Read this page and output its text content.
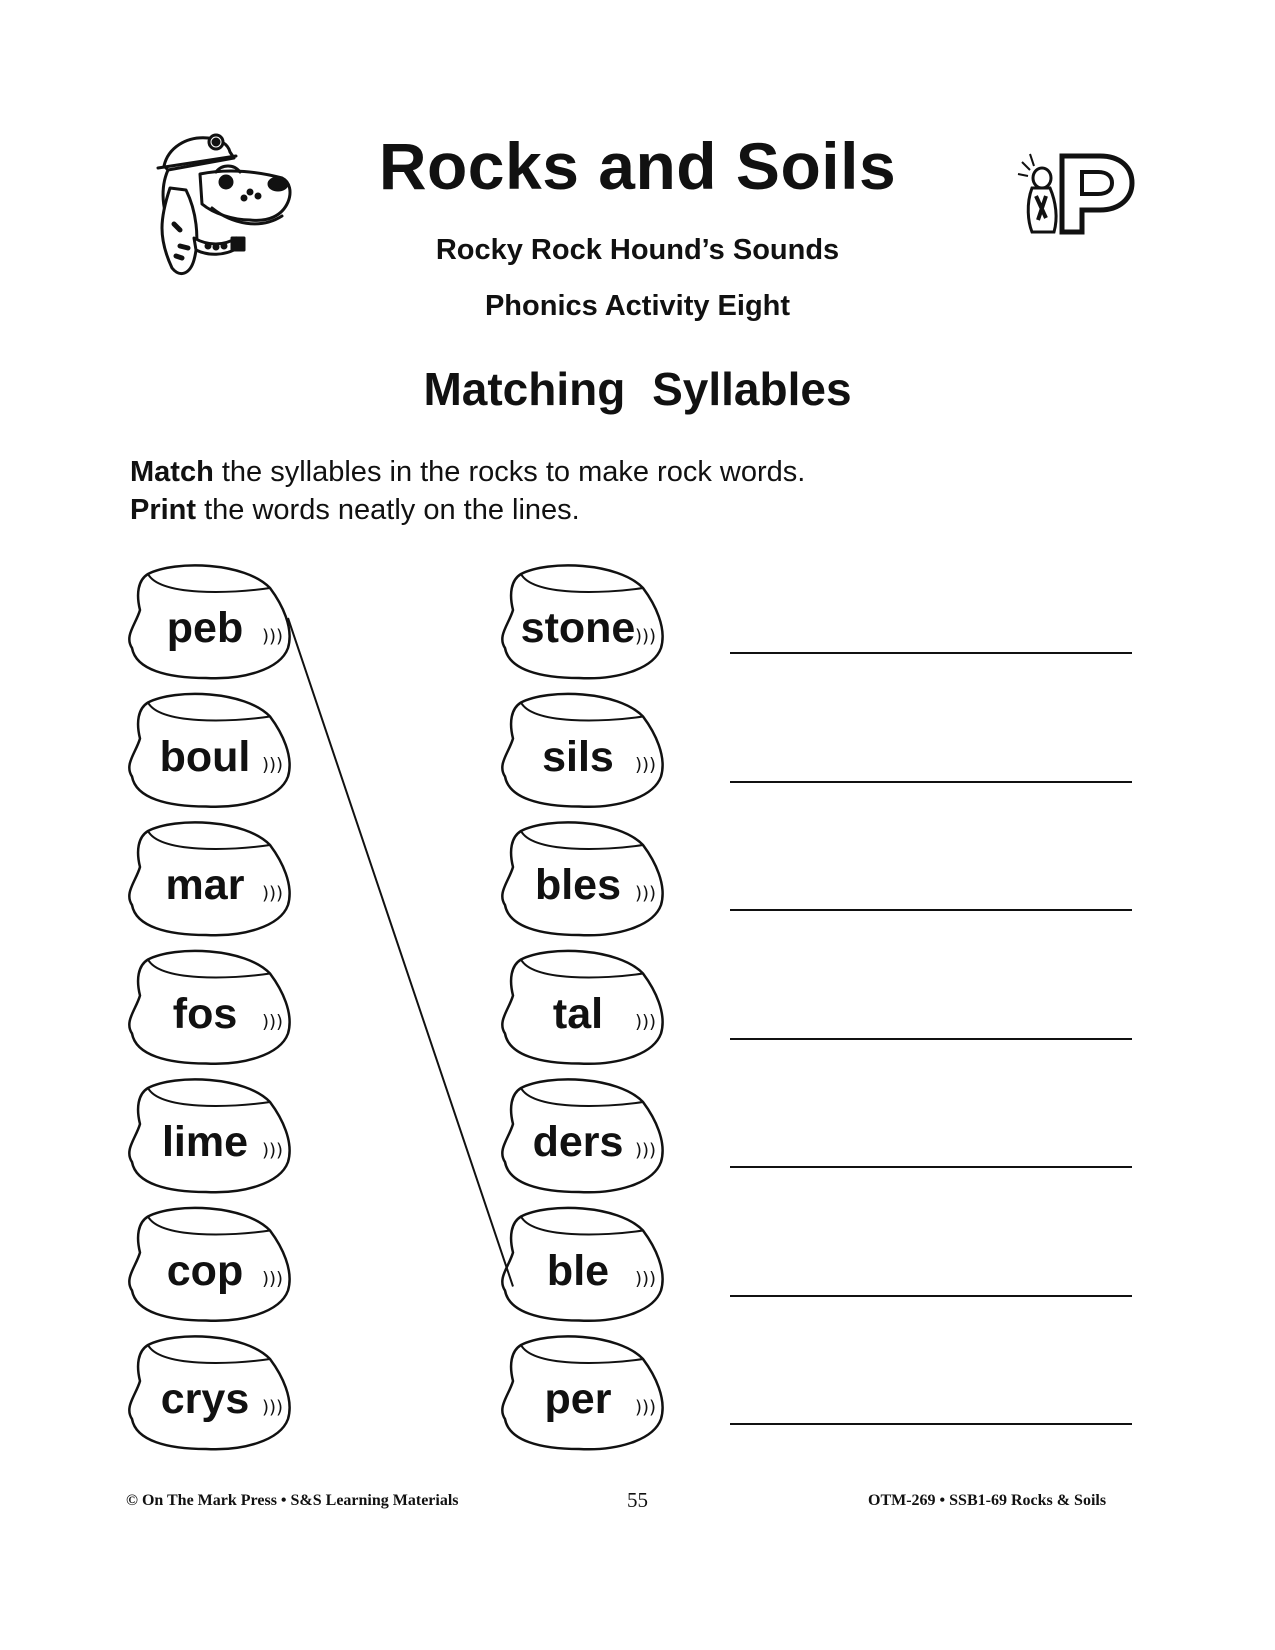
Rocks and Soils
Rocky Rock Hound’s Sounds
Phonics Activity Eight
Matching Syllables
Match the syllables in the rocks to make rock words.
Print the words neatly on the lines.
)))
)))
)))
)))
)))
)))
)))
)))
)))
)))
)))
)))
)))
)))
peb
boul
mar
fos
lime
cop
crys
stone
sils
bles
tal
ders
ble
per
© On The Mark Press • S&S Learning Materials	55	OTM-269 • SSB1-69 Rocks & Soils
